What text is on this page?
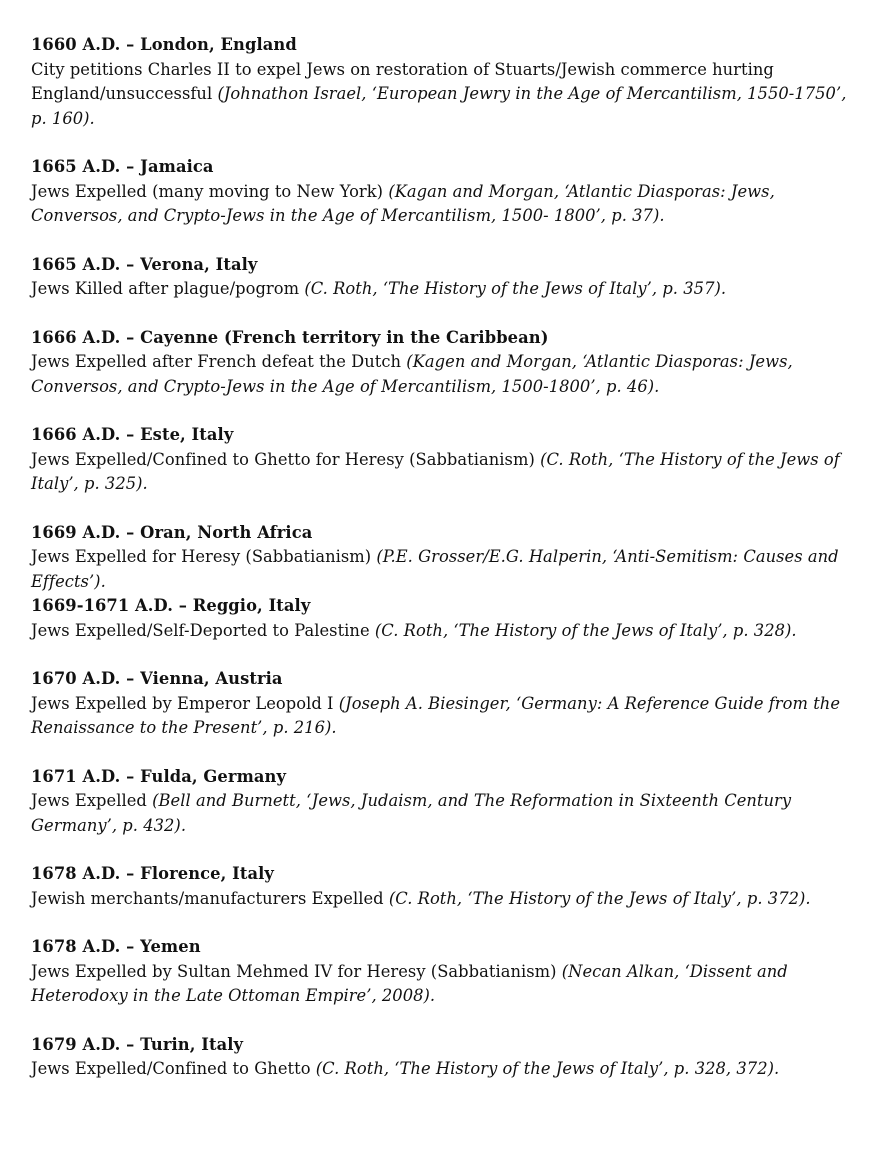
1660 A.D. – London, England
City petitions Charles II to expel Jews on restoration of Stuarts/Jewish commerce hurting England/unsuccessful (Johnathon Israel, ‘European Jewry in the Age of Mercantilism, 1550-1750’, p. 160).
1665 A.D. – Jamaica
Jews Expelled (many moving to New York) (Kagan and Morgan, ‘Atlantic Diasporas: Jews, Conversos, and Crypto-Jews in the Age of Mercantilism, 1500- 1800’, p. 37).
1665 A.D. – Verona, Italy
Jews Killed after plague/pogrom (C. Roth, ‘The History of the Jews of Italy’, p. 357).
1666 A.D. – Cayenne (French territory in the Caribbean)
Jews Expelled after French defeat the Dutch (Kagen and Morgan, ‘Atlantic Diasporas: Jews, Conversos, and Crypto-Jews in the Age of Mercantilism, 1500-1800’, p. 46).
1666 A.D. – Este, Italy
Jews Expelled/Confined to Ghetto for Heresy (Sabbatianism) (C. Roth, ‘The History of the Jews of Italy’, p. 325).
1669 A.D. – Oran, North Africa
Jews Expelled for Heresy (Sabbatianism) (P.E. Grosser/E.G. Halperin, ‘Anti-Semitism: Causes and Effects’).
1669-1671 A.D. – Reggio, Italy
Jews Expelled/Self-Deported to Palestine (C. Roth, ‘The History of the Jews of Italy’, p. 328).
1670 A.D. – Vienna, Austria
Jews Expelled by Emperor Leopold I (Joseph A. Biesinger, ‘Germany: A Reference Guide from the Renaissance to the Present’, p. 216).
1671 A.D. – Fulda, Germany
Jews Expelled (Bell and Burnett, ‘Jews, Judaism, and The Reformation in Sixteenth Century Germany’, p. 432).
1678 A.D. – Florence, Italy
Jewish merchants/manufacturers Expelled (C. Roth, ‘The History of the Jews of Italy’, p. 372).
1678 A.D. – Yemen
Jews Expelled by Sultan Mehmed IV for Heresy (Sabbatianism) (Necan Alkan, ‘Dissent and Heterodoxy in the Late Ottoman Empire’, 2008).
1679 A.D. – Turin, Italy
Jews Expelled/Confined to Ghetto (C. Roth, ‘The History of the Jews of Italy’, p. 328, 372).
